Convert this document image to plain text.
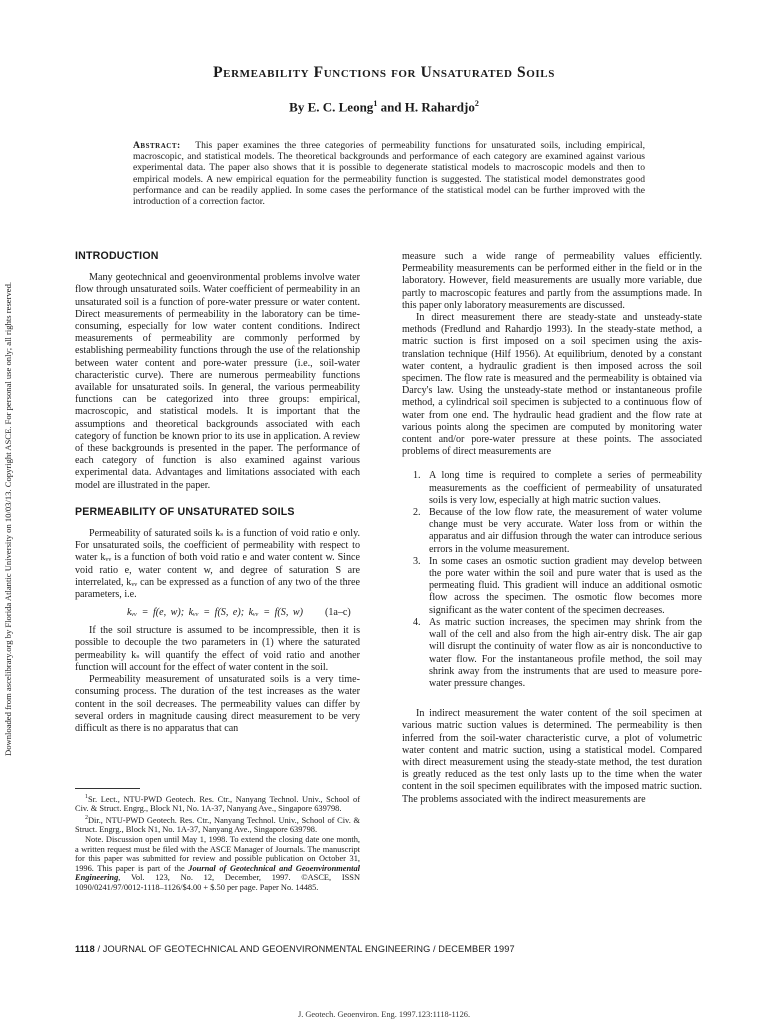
Permeability Functions for Unsaturated Soils
By E. C. Leong$^1$ and H. Rahardjo$^2$
Abstract: This paper examines the three categories of permeability functions for unsaturated soils, including empirical, macroscopic, and statistical models. The theoretical backgrounds and performance of each category are examined against various experimental data. The paper also shows that it is possible to degenerate statistical models to macroscopic models and then to empirical models. A new empirical equation for the permeability function is suggested. The statistical model demonstrates good performance and can be readily applied. In some cases the performance of the statistical model can be further improved with the introduction of a correction factor.
Downloaded from ascelibrary.org by Florida Atlantic University on 10/03/13. Copyright ASCE. For personal use only; all rights reserved.
INTRODUCTION

Many geotechnical and geoenvironmental problems involve water flow through unsaturated soils. Water coefficient of permeability in an unsaturated soil is a function of pore-water pressure or water content. Direct measurements of permeability in the laboratory can be time-consuming, especially for low water content conditions. Indirect measurements of permeability are commonly performed by establishing permeability functions through the use of the relationship between water content and pore-water pressure (i.e., soil-water characteristic curve). There are numerous permeability functions available for unsaturated soils. In general, the various permeability functions can be categorized into three groups: empirical, macroscopic, and statistical models. It is important that the assumptions and theoretical backgrounds associated with each category of function be known prior to its use in application. A review of these backgrounds is presented in the paper. The performance of each category of function is also examined against various experimental data. Advantages and limitations associated with each model are illustrated in the paper.

PERMEABILITY OF UNSATURATED SOILS

Permeability of saturated soils kₛ is a function of void ratio e only. For unsaturated soils, the coefficient of permeability with respect to water kᵥᵥ is a function of both void ratio e and water content w. Since void ratio e, water content w, and degree of saturation S are interrelated, kᵥᵥ can be expressed as a function of any two of the three parameters, i.e.

kᵥᵥ = f(e, w); kᵥᵥ = f(S, e); kᵥᵥ = f(S, w) (1a–c)

If the soil structure is assumed to be incompressible, then it is possible to decouple the two parameters in (1) where the saturated permeability kₛ will quantify the effect of void ratio and another function will account for the effect of water content in the soil.

Permeability measurement of unsaturated soils is a very time-consuming process. The duration of the test increases as the water content in the soil decreases. The permeability values can differ by several orders in magnitude causing direct measurement to be very difficult as there is no apparatus that can

$^1$Sr. Lect., NTU-PWD Geotech. Res. Ctr., Nanyang Technol. Univ., School of Civ. & Struct. Engrg., Block N1, No. 1A-37, Nanyang Ave., Singapore 639798.

$^2$Dir., NTU-PWD Geotech. Res. Ctr., Nanyang Technol. Univ., School of Civ. & Struct. Engrg., Block N1, No. 1A-37, Nanyang Ave., Singapore 639798.

Note. Discussion open until May 1, 1998. To extend the closing date one month, a written request must be filed with the ASCE Manager of Journals. The manuscript for this paper was submitted for review and possible publication on October 31, 1996. This paper is part of the Journal of Geotechnical and Geoenvironmental Engineering, Vol. 123, No. 12, December, 1997. ©ASCE, ISSN 1090/0241/97/0012-1118–1126/$4.00 + $.50 per page. Paper No. 14485.

measure such a wide range of permeability values efficiently. Permeability measurements can be performed either in the field or in the laboratory. However, field measurements are usually more variable, due partly to macroscopic features and partly from the assumptions made. In this paper only laboratory measurements are discussed.

In direct measurement there are steady-state and unsteady-state methods (Fredlund and Rahardjo 1993). In the steady-state method, a matric suction is first imposed on a soil specimen using the axis-translation technique (Hilf 1956). At equilibrium, denoted by a constant water content, a hydraulic gradient is then imposed across the soil specimen. The flow rate is measured and the permeability is obtained via Darcy's law. Using the unsteady-state method or instantaneous profile method, a cylindrical soil specimen is subjected to a continuous flow of water from one end. The hydraulic head gradient and the flow rate at various points along the specimen are computed by monitoring water content and/or pore-water pressure at these points. The associated problems of direct measurements are

1. A long time is required to complete a series of permeability measurements as the coefficient of permeability of unsaturated soils is very low, especially at high matric suction values.
2. Because of the low flow rate, the measurement of water volume change must be very accurate. Water loss from or within the apparatus and air diffusion through the water can introduce serious errors in the volume measurement.
3. In some cases an osmotic suction gradient may develop between the pore water within the soil and pure water that is used as the permeating fluid. This gradient will induce an additional osmotic flow across the specimen. The osmotic flow becomes more significant as the water content of the specimen decreases.
4. As matric suction increases, the specimen may shrink from the wall of the cell and also from the high air-entry disk. The air gap will disrupt the continuity of water flow as air is nonconductive to water flow. For the instantaneous profile method, the soil may shrink away from the instruments that are used to measure pore-water pressure changes.

In indirect measurement the water content of the soil specimen at various matric suction values is determined. The permeability is then inferred from the soil-water characteristic curve, a plot of volumetric water content and matric suction, using a statistical model. Compared with direct measurement using the steady-state method, the test duration is greatly reduced as the test only lasts up to the time when the water content in the soil specimen equilibrates with the imposed matric suction. The problems associated with the indirect measurements are

1118 / JOURNAL OF GEOTECHNICAL AND GEOENVIRONMENTAL ENGINEERING / DECEMBER 1997
J. Geotech. Geoenviron. Eng. 1997.123:1118-1126.
